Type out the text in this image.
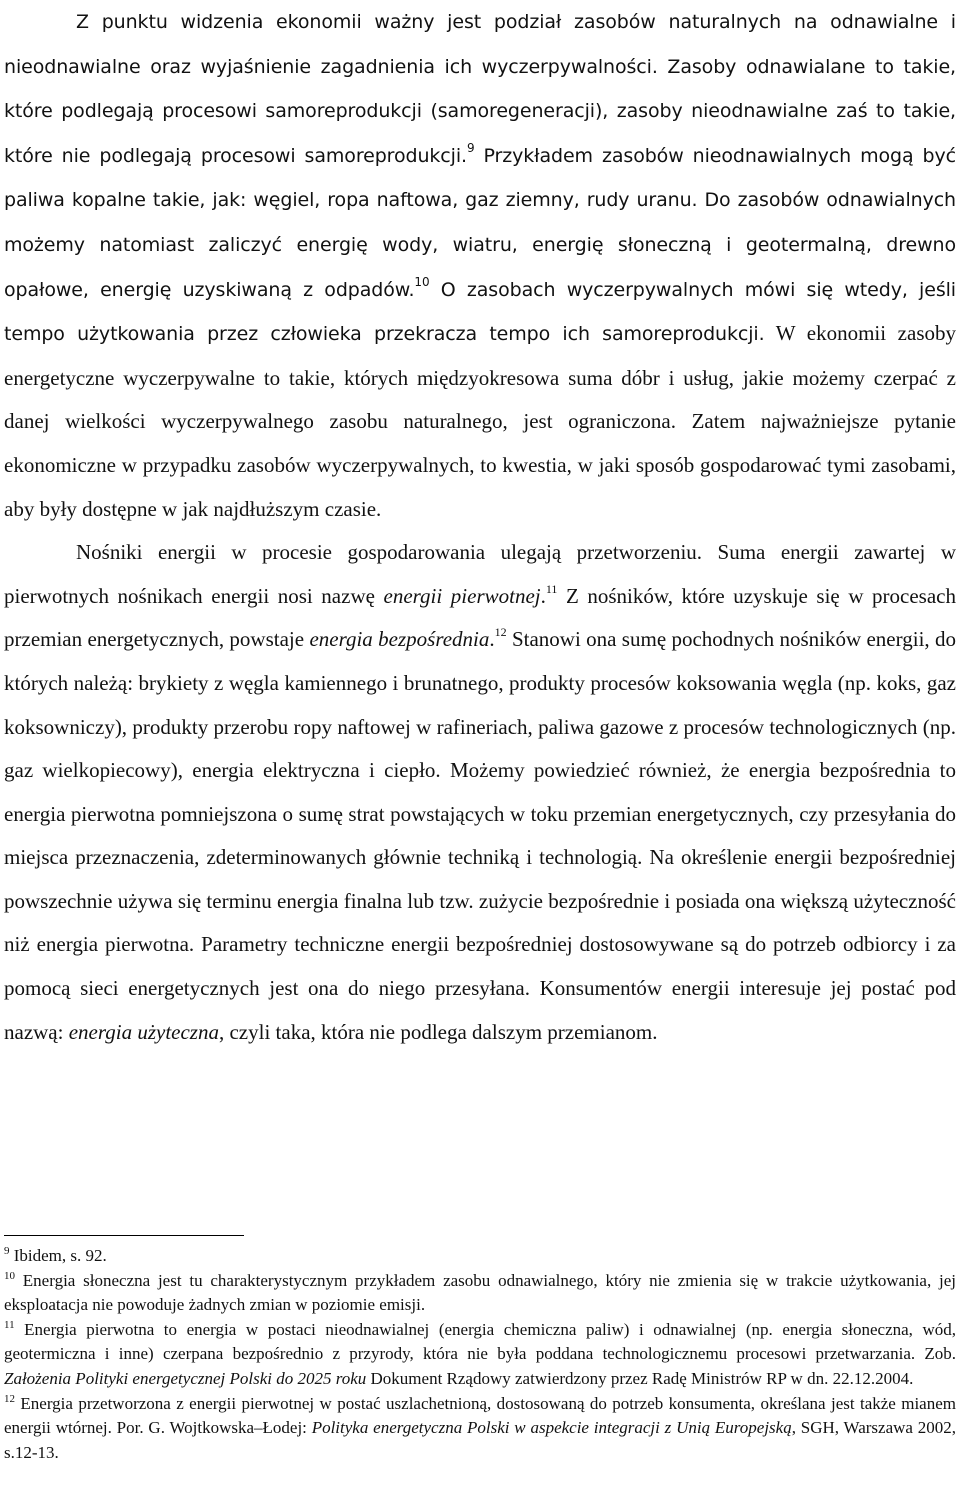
Z punktu widzenia ekonomii ważny jest podział zasobów naturalnych na odnawialne i nieodnawialne oraz wyjaśnienie zagadnienia ich wyczerpywalności. Zasoby odnawialane to takie, które podlegają procesowi samoreprodukcji (samoregeneracji), zasoby nieodnawialne zaś to takie, które nie podlegają procesowi samoreprodukcji.$^9$ Przykładem zasobów nieodnawialnych mogą być paliwa kopalne takie, jak: węgiel, ropa naftowa, gaz ziemny, rudy uranu. Do zasobów odnawialnych możemy natomiast zaliczyć energię wody, wiatru, energię słoneczną i geotermalną, drewno opałowe, energię uzyskiwaną z odpadów.$^{10}$ O zasobach wyczerpywalnych mówi się wtedy, jeśli tempo użytkowania przez człowieka przekracza tempo ich samoreprodukcji. W ekonomii zasoby energetyczne wyczerpywalne to takie, których międzyokresowa suma dóbr i usług, jakie możemy czerpać z danej wielkości wyczerpywalnego zasobu naturalnego, jest ograniczona. Zatem najważniejsze pytanie ekonomiczne w przypadku zasobów wyczerpywalnych, to kwestia, w jaki sposób gospodarować tymi zasobami, aby były dostępne w jak najdłuższym czasie.

Nośniki energii w procesie gospodarowania ulegają przetworzeniu. Suma energii zawartej w pierwotnych nośnikach energii nosi nazwę energii pierwotnej.$^{11}$ Z nośników, które uzyskuje się w procesach przemian energetycznych, powstaje energia bezpośrednia.$^{12}$ Stanowi ona sumę pochodnych nośników energii, do których należą: brykiety z węgla kamiennego i brunatnego, produkty procesów koksowania węgla (np. koks, gaz koksowniczy), produkty przerobu ropy naftowej w rafineriach, paliwa gazowe z procesów technologicznych (np. gaz wielkopiecowy), energia elektryczna i ciepło. Możemy powiedzieć również, że energia bezpośrednia to energia pierwotna pomniejszona o sumę strat powstających w toku przemian energetycznych, czy przesyłania do miejsca przeznaczenia, zdeterminowanych głównie techniką i technologią. Na określenie energii bezpośredniej powszechnie używa się terminu energia finalna lub tzw. zużycie bezpośrednie i posiada ona większą użyteczność niż energia pierwotna. Parametry techniczne energii bezpośredniej dostosowywane są do potrzeb odbiorcy i za pomocą sieci energetycznych jest ona do niego przesyłana. Konsumentów energii interesuje jej postać pod nazwą: energia użyteczna, czyli taka, która nie podlega dalszym przemianom.

$^9$ Ibidem, s. 92.

$^{10}$ Energia słoneczna jest tu charakterystycznym przykładem zasobu odnawialnego, który nie zmienia się w trakcie użytkowania, jej eksploatacja nie powoduje żadnych zmian w poziomie emisji.

$^{11}$ Energia pierwotna to energia w postaci nieodnawialnej (energia chemiczna paliw) i odnawialnej (np. energia słoneczna, wód, geotermiczna i inne) czerpana bezpośrednio z przyrody, która nie była poddana technologicznemu procesowi przetwarzania. Zob. Założenia Polityki energetycznej Polski do 2025 roku Dokument Rządowy zatwierdzony przez Radę Ministrów RP w dn. 22.12.2004.

$^{12}$ Energia przetworzona z energii pierwotnej w postać uszlachetnioną, dostosowaną do potrzeb konsumenta, określana jest także mianem energii wtórnej. Por. G. Wojtkowska–Łodej: Polityka energetyczna Polski w aspekcie integracji z Unią Europejską, SGH, Warszawa 2002, s.12-13.
